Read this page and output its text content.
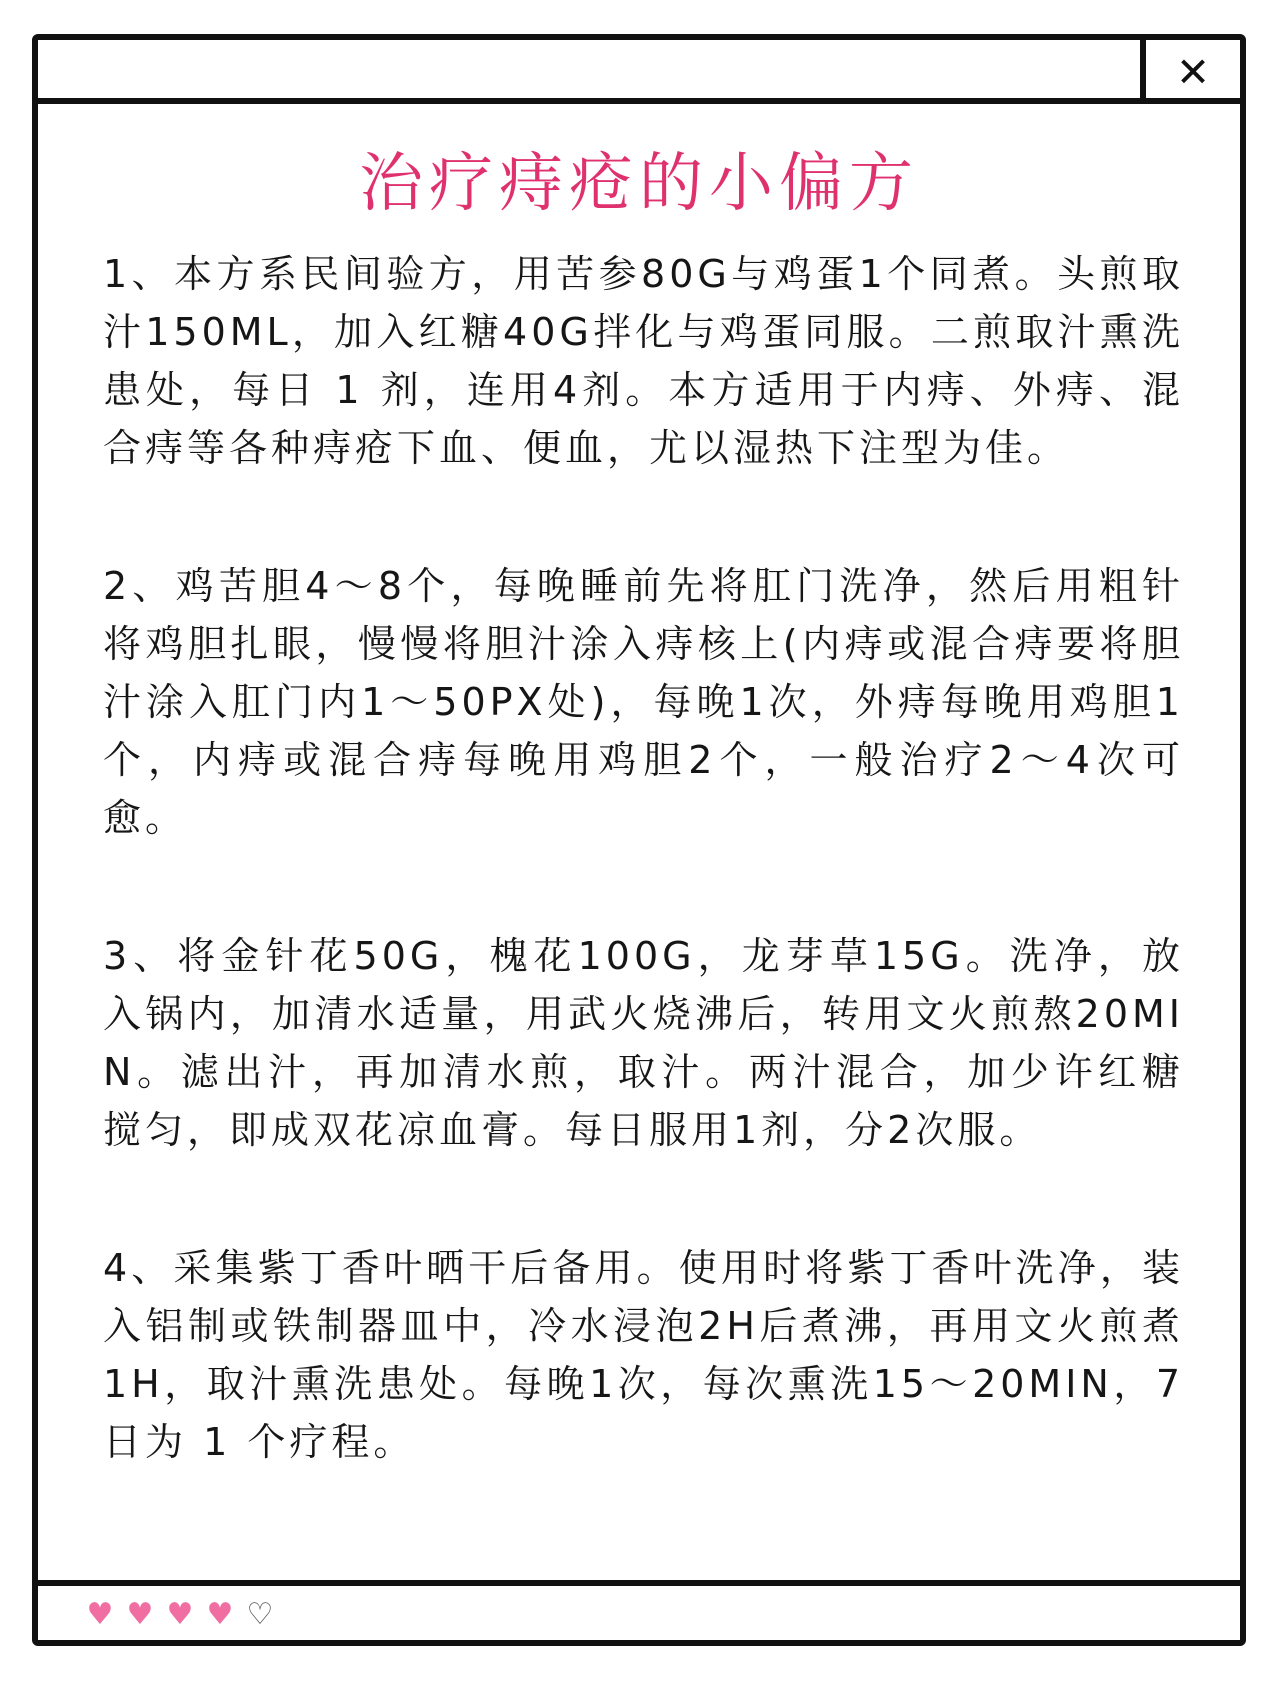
✕
治疗痔疮的小偏方

1、本方系民间验方，用苦参80G与鸡蛋1个同煮。头煎取汁150ML，加入红糖40G拌化与鸡蛋同服。二煎取汁熏洗患处，每日 1 剂，连用4剂。本方适用于内痔、外痔、混合痔等各种痔疮下血、便血，尤以湿热下注型为佳。

2、鸡苦胆4～8个，每晚睡前先将肛门洗净，然后用粗针将鸡胆扎眼，慢慢将胆汁涂入痔核上(内痔或混合痔要将胆汁涂入肛门内1～50PX处)，每晚1次，外痔每晚用鸡胆1个，内痔或混合痔每晚用鸡胆2个，一般治疗2～4次可愈。

3、将金针花50G，槐花100G，龙芽草15G。洗净，放入锅内，加清水适量，用武火烧沸后，转用文火煎熬20MIN。滤出汁，再加清水煎，取汁。两汁混合，加少许红糖搅匀，即成双花凉血膏。每日服用1剂，分2次服。

4、采集紫丁香叶晒干后备用。使用时将紫丁香叶洗净，装入铝制或铁制器皿中，冷水浸泡2H后煮沸，再用文火煎煮1H，取汁熏洗患处。每晚1次，每次熏洗15～20MIN，7日为 1 个疗程。

♥ ♥ ♥ ♥ ♡
